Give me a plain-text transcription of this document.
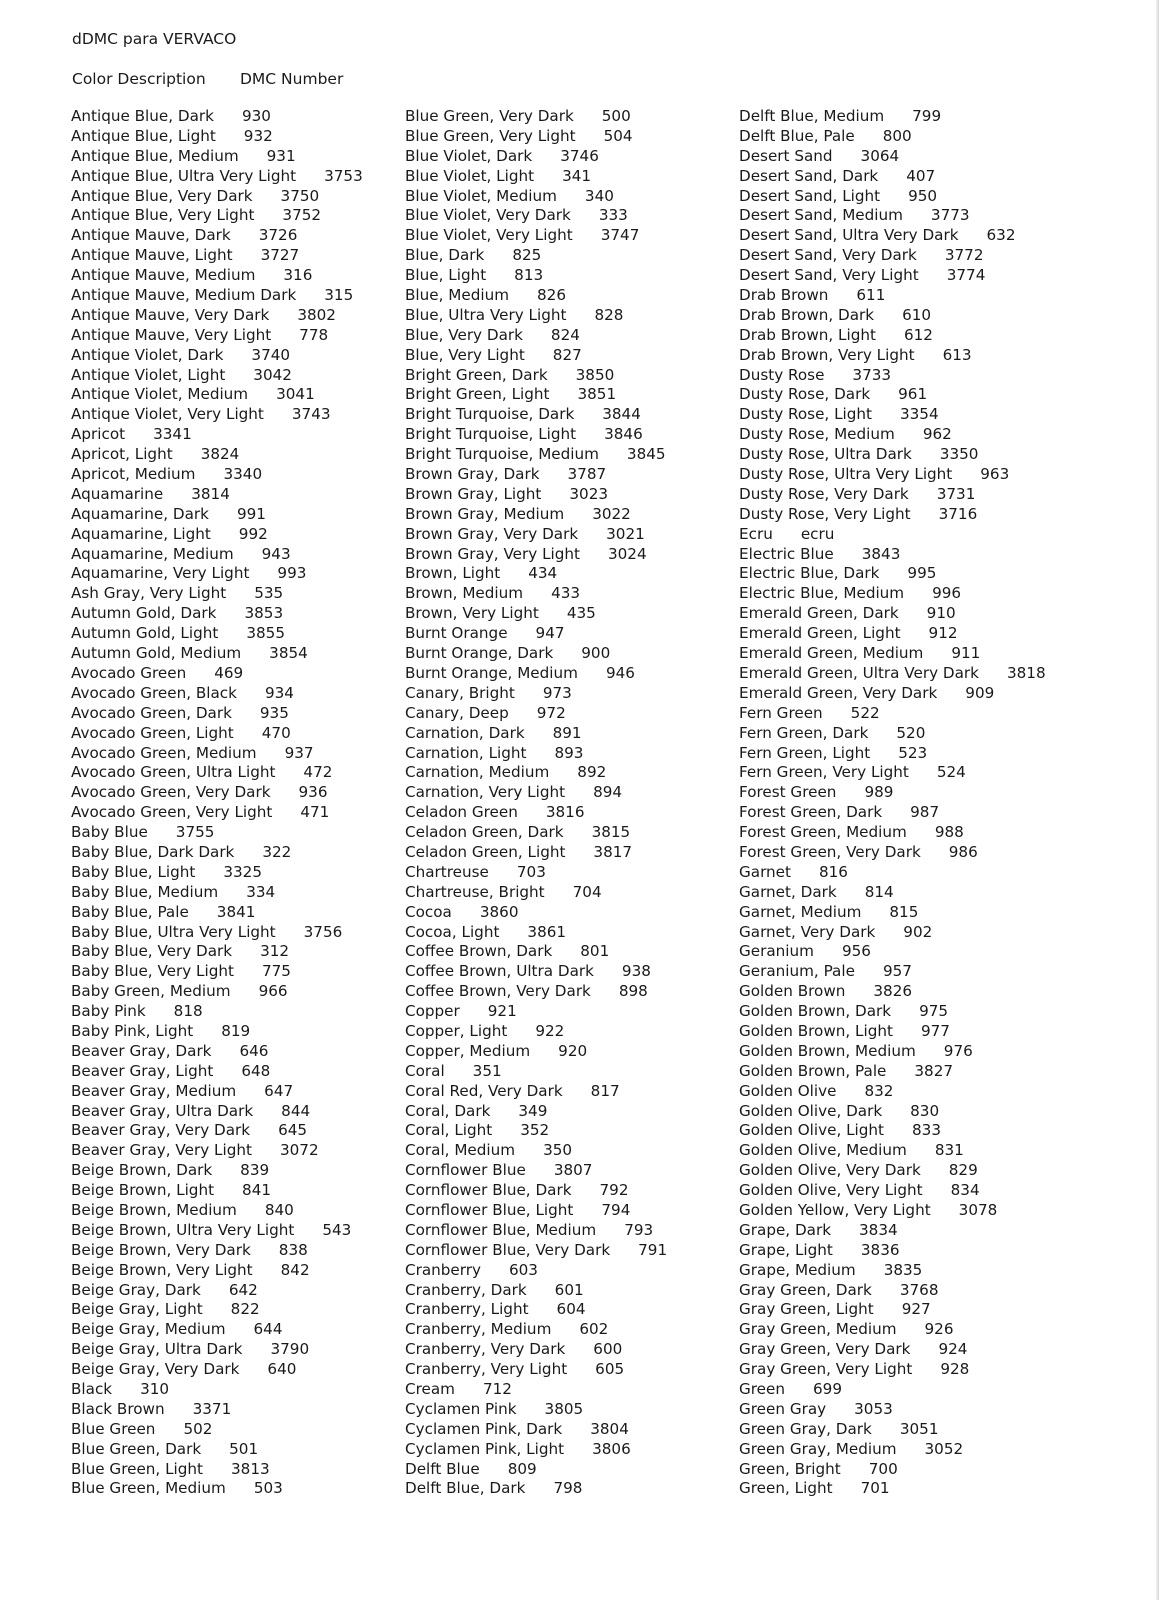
dDMC para VERVACO
Color Description DMC Number
Antique Blue, Dark 930
Antique Blue, Light 932
Antique Blue, Medium 931
Antique Blue, Ultra Very Light 3753
Antique Blue, Very Dark 3750
Antique Blue, Very Light 3752
Antique Mauve, Dark 3726
Antique Mauve, Light 3727
Antique Mauve, Medium 316
Antique Mauve, Medium Dark 315
Antique Mauve, Very Dark 3802
Antique Mauve, Very Light 778
Antique Violet, Dark 3740
Antique Violet, Light 3042
Antique Violet, Medium 3041
Antique Violet, Very Light 3743
Apricot 3341
Apricot, Light 3824
Apricot, Medium 3340
Aquamarine 3814
Aquamarine, Dark 991
Aquamarine, Light 992
Aquamarine, Medium 943
Aquamarine, Very Light 993
Ash Gray, Very Light 535
Autumn Gold, Dark 3853
Autumn Gold, Light 3855
Autumn Gold, Medium 3854
Avocado Green 469
Avocado Green, Black 934
Avocado Green, Dark 935
Avocado Green, Light 470
Avocado Green, Medium 937
Avocado Green, Ultra Light 472
Avocado Green, Very Dark 936
Avocado Green, Very Light 471
Baby Blue 3755
Baby Blue, Dark Dark 322
Baby Blue, Light 3325
Baby Blue, Medium 334
Baby Blue, Pale 3841
Baby Blue, Ultra Very Light 3756
Baby Blue, Very Dark 312
Baby Blue, Very Light 775
Baby Green, Medium 966
Baby Pink 818
Baby Pink, Light 819
Beaver Gray, Dark 646
Beaver Gray, Light 648
Beaver Gray, Medium 647
Beaver Gray, Ultra Dark 844
Beaver Gray, Very Dark 645
Beaver Gray, Very Light 3072
Beige Brown, Dark 839
Beige Brown, Light 841
Beige Brown, Medium 840
Beige Brown, Ultra Very Light 543
Beige Brown, Very Dark 838
Beige Brown, Very Light 842
Beige Gray, Dark 642
Beige Gray, Light 822
Beige Gray, Medium 644
Beige Gray, Ultra Dark 3790
Beige Gray, Very Dark 640
Black 310
Black Brown 3371
Blue Green 502
Blue Green, Dark 501
Blue Green, Light 3813
Blue Green, Medium 503
Blue Green, Very Dark 500
Blue Green, Very Light 504
Blue Violet, Dark 3746
Blue Violet, Light 341
Blue Violet, Medium 340
Blue Violet, Very Dark 333
Blue Violet, Very Light 3747
Blue, Dark 825
Blue, Light 813
Blue, Medium 826
Blue, Ultra Very Light 828
Blue, Very Dark 824
Blue, Very Light 827
Bright Green, Dark 3850
Bright Green, Light 3851
Bright Turquoise, Dark 3844
Bright Turquoise, Light 3846
Bright Turquoise, Medium 3845
Brown Gray, Dark 3787
Brown Gray, Light 3023
Brown Gray, Medium 3022
Brown Gray, Very Dark 3021
Brown Gray, Very Light 3024
Brown, Light 434
Brown, Medium 433
Brown, Very Light 435
Burnt Orange 947
Burnt Orange, Dark 900
Burnt Orange, Medium 946
Canary, Bright 973
Canary, Deep 972
Carnation, Dark 891
Carnation, Light 893
Carnation, Medium 892
Carnation, Very Light 894
Celadon Green 3816
Celadon Green, Dark 3815
Celadon Green, Light 3817
Chartreuse 703
Chartreuse, Bright 704
Cocoa 3860
Cocoa, Light 3861
Coffee Brown, Dark 801
Coffee Brown, Ultra Dark 938
Coffee Brown, Very Dark 898
Copper 921
Copper, Light 922
Copper, Medium 920
Coral 351
Coral Red, Very Dark 817
Coral, Dark 349
Coral, Light 352
Coral, Medium 350
Cornflower Blue 3807
Cornflower Blue, Dark 792
Cornflower Blue, Light 794
Cornflower Blue, Medium 793
Cornflower Blue, Very Dark 791
Cranberry 603
Cranberry, Dark 601
Cranberry, Light 604
Cranberry, Medium 602
Cranberry, Very Dark 600
Cranberry, Very Light 605
Cream 712
Cyclamen Pink 3805
Cyclamen Pink, Dark 3804
Cyclamen Pink, Light 3806
Delft Blue 809
Delft Blue, Dark 798
Delft Blue, Medium 799
Delft Blue, Pale 800
Desert Sand 3064
Desert Sand, Dark 407
Desert Sand, Light 950
Desert Sand, Medium 3773
Desert Sand, Ultra Very Dark 632
Desert Sand, Very Dark 3772
Desert Sand, Very Light 3774
Drab Brown 611
Drab Brown, Dark 610
Drab Brown, Light 612
Drab Brown, Very Light 613
Dusty Rose 3733
Dusty Rose, Dark 961
Dusty Rose, Light 3354
Dusty Rose, Medium 962
Dusty Rose, Ultra Dark 3350
Dusty Rose, Ultra Very Light 963
Dusty Rose, Very Dark 3731
Dusty Rose, Very Light 3716
Ecru ecru
Electric Blue 3843
Electric Blue, Dark 995
Electric Blue, Medium 996
Emerald Green, Dark 910
Emerald Green, Light 912
Emerald Green, Medium 911
Emerald Green, Ultra Very Dark 3818
Emerald Green, Very Dark 909
Fern Green 522
Fern Green, Dark 520
Fern Green, Light 523
Fern Green, Very Light 524
Forest Green 989
Forest Green, Dark 987
Forest Green, Medium 988
Forest Green, Very Dark 986
Garnet 816
Garnet, Dark 814
Garnet, Medium 815
Garnet, Very Dark 902
Geranium 956
Geranium, Pale 957
Golden Brown 3826
Golden Brown, Dark 975
Golden Brown, Light 977
Golden Brown, Medium 976
Golden Brown, Pale 3827
Golden Olive 832
Golden Olive, Dark 830
Golden Olive, Light 833
Golden Olive, Medium 831
Golden Olive, Very Dark 829
Golden Olive, Very Light 834
Golden Yellow, Very Light 3078
Grape, Dark 3834
Grape, Light 3836
Grape, Medium 3835
Gray Green, Dark 3768
Gray Green, Light 927
Gray Green, Medium 926
Gray Green, Very Dark 924
Gray Green, Very Light 928
Green 699
Green Gray 3053
Green Gray, Dark 3051
Green Gray, Medium 3052
Green, Bright 700
Green, Light 701
